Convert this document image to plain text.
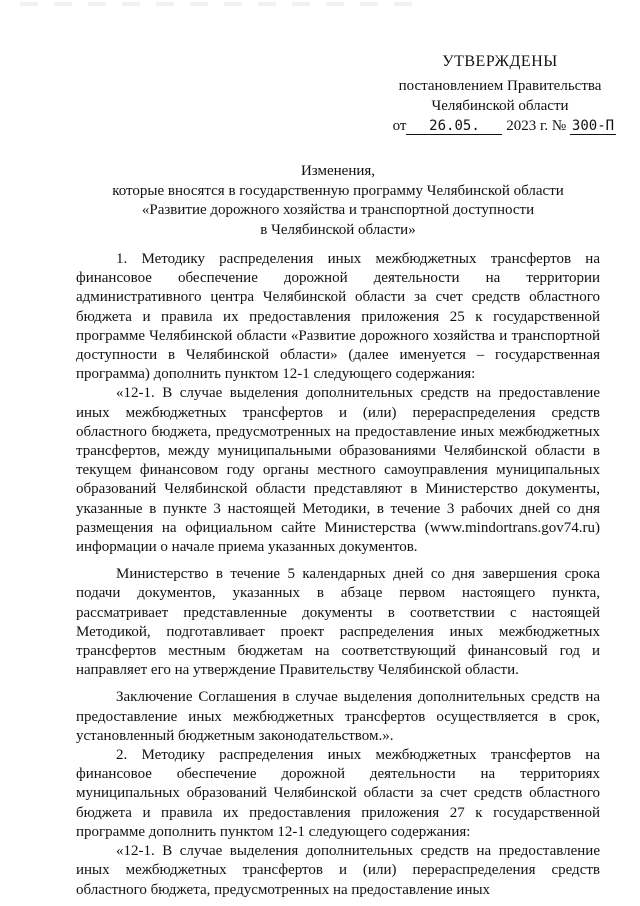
УТВЕРЖДЕНЫ
постановлением Правительства
Челябинской области
от 26.05. 2023 г. № 300-П
Изменения,
которые вносятся в государственную программу Челябинской области
«Развитие дорожного хозяйства и транспортной доступности
в Челябинской области»

1. Методику распределения иных межбюджетных трансфертов на финансовое обеспечение дорожной деятельности на территории административного центра Челябинской области за счет средств областного бюджета и правила их предоставления приложения 25 к государственной программе Челябинской области «Развитие дорожного хозяйства и транспортной доступности в Челябинской области» (далее именуется – государственная программа) дополнить пунктом 12-1 следующего содержания:

«12-1. В случае выделения дополнительных средств на предоставление иных межбюджетных трансфертов и (или) перераспределения средств областного бюджета, предусмотренных на предоставление иных межбюджетных трансфертов, между муниципальными образованиями Челябинской области в текущем финансовом году органы местного самоуправления муниципальных образований Челябинской области представляют в Министерство документы, указанные в пункте 3 настоящей Методики, в течение 3 рабочих дней со дня размещения на официальном сайте Министерства (www.mindortrans.gov74.ru) информации о начале приема указанных документов.

Министерство в течение 5 календарных дней со дня завершения срока подачи документов, указанных в абзаце первом настоящего пункта, рассматривает представленные документы в соответствии с настоящей Методикой, подготавливает проект распределения иных межбюджетных трансфертов местным бюджетам на соответствующий финансовый год и направляет его на утверждение Правительству Челябинской области.

Заключение Соглашения в случае выделения дополнительных средств на предоставление иных межбюджетных трансфертов осуществляется в срок, установленный бюджетным законодательством.».

2. Методику распределения иных межбюджетных трансфертов на финансовое обеспечение дорожной деятельности на территориях муниципальных образований Челябинской области за счет средств областного бюджета и правила их предоставления приложения 27 к государственной программе дополнить пунктом 12-1 следующего содержания:

«12-1. В случае выделения дополнительных средств на предоставление иных межбюджетных трансфертов и (или) перераспределения средств областного бюджета, предусмотренных на предоставление иных
